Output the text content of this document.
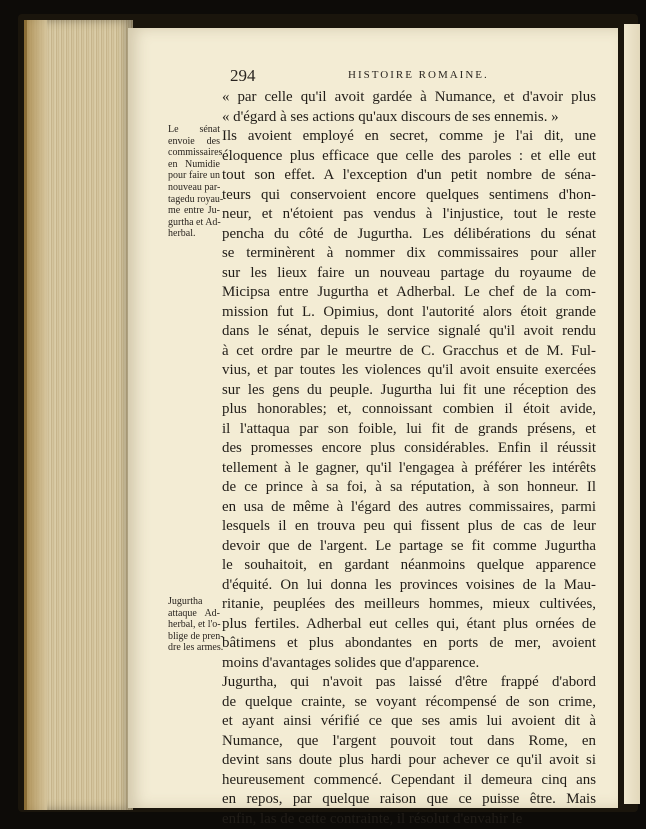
294	HISTOIRE ROMAINE.
Le sénat
envoie des
commissaires
en Numidie
pour faire un
nouveau par-
tagedu royau-
me entre Ju-
gurtha et Ad-
herbal.
Jugurtha
attaque Ad-
herbal, et l'o-
blige de pren-
dre les armes.
« par celle qu'il avoit gardée à Numance, et d'avoir plus
« d'égard à ses actions qu'aux discours de ses ennemis. »
Ils avoient employé en secret, comme je l'ai dit, une
éloquence plus efficace que celle des paroles : et elle eut
tout son effet. A l'exception d'un petit nombre de séna-
teurs qui conservoient encore quelques sentimens d'hon-
neur, et n'étoient pas vendus à l'injustice, tout le reste
pencha du côté de Jugurtha. Les délibérations du sénat
se terminèrent à nommer dix commissaires pour aller
sur les lieux faire un nouveau partage du royaume de
Micipsa entre Jugurtha et Adherbal. Le chef de la com-
mission fut L. Opimius, dont l'autorité alors étoit grande
dans le sénat, depuis le service signalé qu'il avoit rendu
à cet ordre par le meurtre de C. Gracchus et de M. Ful-
vius, et par toutes les violences qu'il avoit ensuite exercées
sur les gens du peuple. Jugurtha lui fit une réception des
plus honorables; et, connoissant combien il étoit avide,
il l'attaqua par son foible, lui fit de grands présens, et
des promesses encore plus considérables. Enfin il réussit
tellement à le gagner, qu'il l'engagea à préférer les intérêts
de ce prince à sa foi, à sa réputation, à son honneur. Il
en usa de même à l'égard des autres commissaires, parmi
lesquels il en trouva peu qui fissent plus de cas de leur
devoir que de l'argent. Le partage se fit comme Jugurtha
le souhaitoit, en gardant néanmoins quelque apparence
d'équité. On lui donna les provinces voisines de la Mau-
ritanie, peuplées des meilleurs hommes, mieux cultivées,
plus fertiles. Adherbal eut celles qui, étant plus ornées de
bâtimens et plus abondantes en ports de mer, avoient
moins d'avantages solides que d'apparence.
Jugurtha, qui n'avoit pas laissé d'être frappé d'abord
de quelque crainte, se voyant récompensé de son crime,
et ayant ainsi vérifié ce que ses amis lui avoient dit à
Numance, que l'argent pouvoit tout dans Rome, en
devint sans doute plus hardi pour achever ce qu'il avoit si
heureusement commencé. Cependant il demeura cinq ans
en repos, par quelque raison que ce puisse être. Mais
enfin, las de cette contrainte, il résolut d'envahir le
